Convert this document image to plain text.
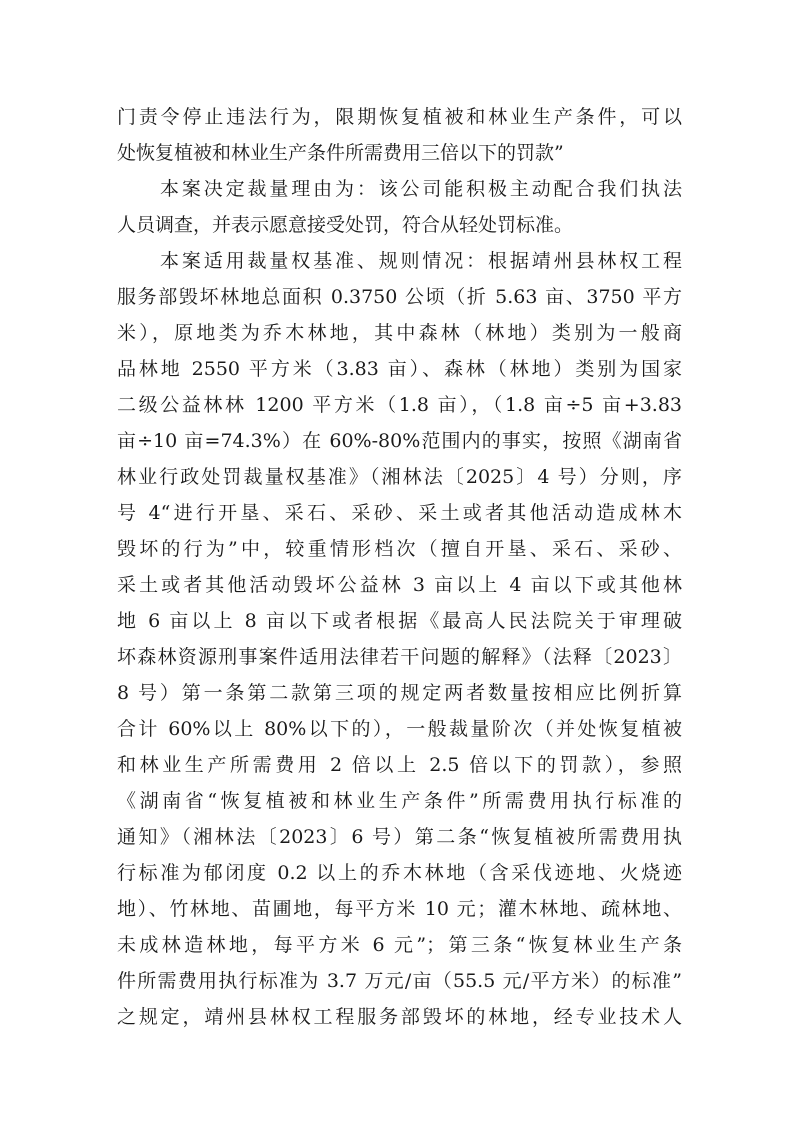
门责令停止违法行为，限期恢复植被和林业生产条件，可以
处恢复植被和林业生产条件所需费用三倍以下的罚款”
本案决定裁量理由为：该公司能积极主动配合我们执法
人员调查，并表示愿意接受处罚，符合从轻处罚标准。
本案适用裁量权基准、规则情况：根据靖州县林权工程
服务部毁坏林地总面积 0.3750 公顷（折 5.63 亩、3750 平方
米），原地类为乔木林地，其中森林（林地）类别为一般商
品林地 2550 平方米（3.83 亩）、森林（林地）类别为国家
二级公益林林 1200 平方米（1.8 亩），（1.8 亩÷5 亩+3.83
亩÷10 亩=74.3%）在 60%-80%范围内的事实，按照《湖南省
林业行政处罚裁量权基准》（湘林法〔2025〕4 号）分则，序
号 4“进行开垦、采石、采砂、采土或者其他活动造成林木
毁坏的行为”中，较重情形档次（擅自开垦、采石、采砂、
采土或者其他活动毁坏公益林 3 亩以上 4 亩以下或其他林
地 6 亩以上 8 亩以下或者根据《最高人民法院关于审理破
坏森林资源刑事案件适用法律若干问题的解释》（法释〔2023〕
8 号）第一条第二款第三项的规定两者数量按相应比例折算
合计 60%以上 80%以下的），一般裁量阶次（并处恢复植被
和林业生产所需费用 2 倍以上 2.5 倍以下的罚款），参照
《湖南省“恢复植被和林业生产条件”所需费用执行标准的
通知》（湘林法〔2023〕6 号）第二条“恢复植被所需费用执
行标准为郁闭度 0.2 以上的乔木林地（含采伐迹地、火烧迹
地）、竹林地、苗圃地，每平方米 10 元；灌木林地、疏林地、
未成林造林地，每平方米 6 元”；第三条“恢复林业生产条
件所需费用执行标准为 3.7 万元/亩（55.5 元/平方米）的标准”
之规定，靖州县林权工程服务部毁坏的林地，经专业技术人
